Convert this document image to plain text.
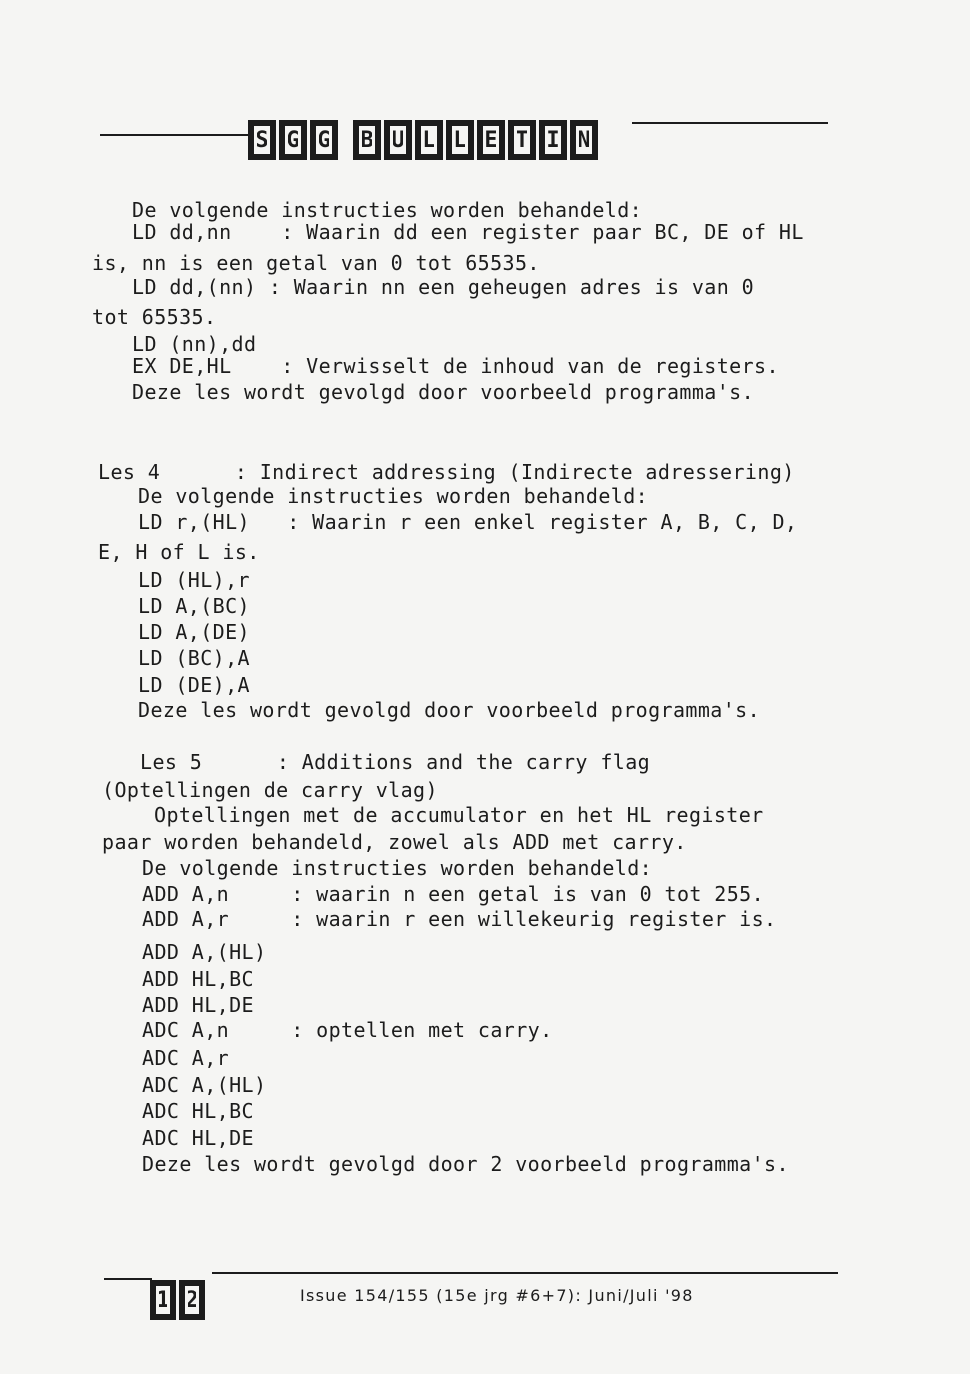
S G G B U L L E T I N
De volgende instructies worden behandeld:
LD dd,nn    : Waarin dd een register paar BC, DE of HL
is, nn is een getal van 0 tot 65535.
LD dd,(nn) : Waarin nn een geheugen adres is van 0
tot 65535.
LD (nn),dd
EX DE,HL    : Verwisselt de inhoud van de registers.
Deze les wordt gevolgd door voorbeeld programma's.
Les 4      : Indirect addressing (Indirecte adressering)
De volgende instructies worden behandeld:
LD r,(HL)   : Waarin r een enkel register A, B, C, D,
E, H of L is.
LD (HL),r
LD A,(BC)
LD A,(DE)
LD (BC),A
LD (DE),A
Deze les wordt gevolgd door voorbeeld programma's.
Les 5      : Additions and the carry flag
(Optellingen de carry vlag)
Optellingen met de accumulator en het HL register
paar worden behandeld, zowel als ADD met carry.
De volgende instructies worden behandeld:
ADD A,n     : waarin n een getal is van 0 tot 255.
ADD A,r     : waarin r een willekeurig register is.
ADD A,(HL)
ADD HL,BC
ADD HL,DE
ADC A,n     : optellen met carry.
ADC A,r
ADC A,(HL)
ADC HL,BC
ADC HL,DE
Deze les wordt gevolgd door 2 voorbeeld programma's.
1 2	Issue 154/155 (15e jrg #6+7): Juni/Juli '98
